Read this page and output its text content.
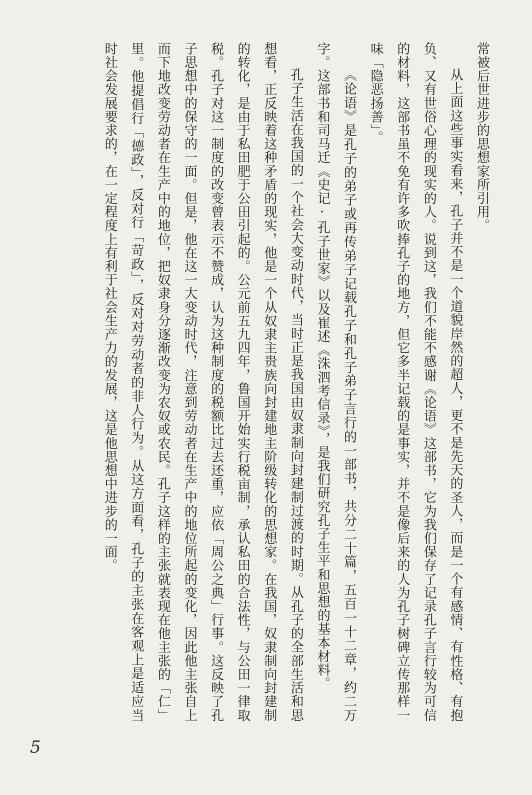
常被后世进步的思想家所引用。

从上面这些事实看来，孔子并不是一个道貌岸然的超人，更不是先天的圣人，而是一个有感情、有性格、有抱负、又有世俗心理的现实的人。说到这，我们不能不感谢《论语》这部书，它为我们保存了记录孔子言行较为可信的材料，这部书虽不免有许多吹捧孔子的地方，但它多半记载的是事实，并不是像后来的人为孔子树碑立传那样一味「隐恶扬善」。

《论语》是孔子的弟子或再传弟子记载孔子和孔子弟子言行的一部书，共分二十篇，五百一十二章，约二万字。这部书和司马迁《史记·孔子世家》以及崔述《洙泗考信录》，是我们研究孔子生平和思想的基本材料。

孔子生活在我国的一个社会大变动时代，当时正是我国由奴隶制向封建制过渡的时期。从孔子的全部生活和思想看，正反映着这种矛盾的现实，他是一个从奴隶主贵族向封建地主阶级转化的思想家。在我国，奴隶制向封建制的转化，是由于私田肥于公田引起的。公元前五九四年，鲁国开始实行税亩制，承认私田的合法性，与公田一律取税。孔子对这一制度的改变曾表示不赞成，认为这种制度的税额比过去还重，应依「周公之典」行事。这反映了孔子思想中的保守的一面。但是，他在这一大变动时代，注意到劳动者在生产中的地位所起的变化，因此他主张自上而下地改变劳动者在生产中的地位，把奴隶身分逐渐改变为农奴或农民。孔子这样的主张就表现在他主张的「仁」里。他提倡行「德政」，反对行「苛政」，反对对劳动者的非人行为。从这方面看，孔子的主张在客观上是适应当时社会发展要求的，在一定程度上有利于社会生产力的发展，这是他思想中进步的一面。

5
